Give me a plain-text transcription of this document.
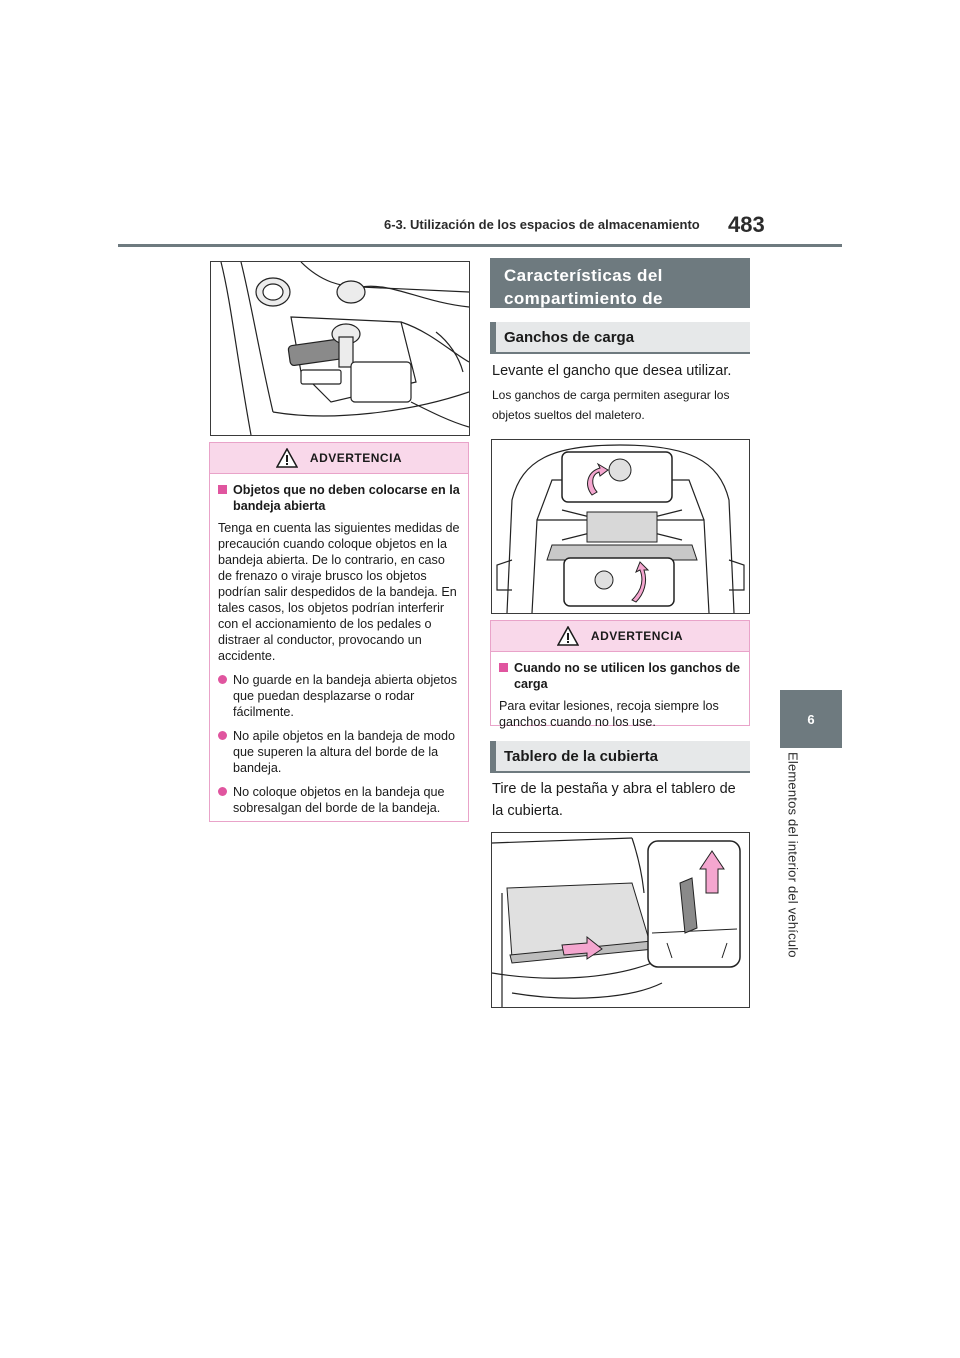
6-3. Utilización de los espacios de almacenamiento 483
6
Elementos del interior del vehículo
ADVERTENCIA
Objetos que no deben colocarse en la bandeja abierta

Tenga en cuenta las siguientes medidas de precaución cuando coloque objetos en la bandeja abierta. De lo contrario, en caso de frenazo o viraje brusco los objetos podrían salir despedidos de la bandeja. En tales casos, los objetos podrían interferir con el accionamiento de los pedales o distraer al conductor, provocando un accidente.

No guarde en la bandeja abierta objetos que puedan desplazarse o rodar fácilmente.
No apile objetos en la bandeja de modo que superen la altura del borde de la bandeja.
No coloque objetos en la bandeja que sobresalgan del borde de la bandeja.
Características del compartimiento de
Ganchos de carga
Levante el gancho que desea utilizar.
Los ganchos de carga permiten asegurar los
objetos sueltos del maletero.
ADVERTENCIA
Cuando no se utilicen los ganchos de carga

Para evitar lesiones, recoja siempre los ganchos cuando no los use.

Tablero de la cubierta
Tire de la pestaña y abra el tablero de
la cubierta.
